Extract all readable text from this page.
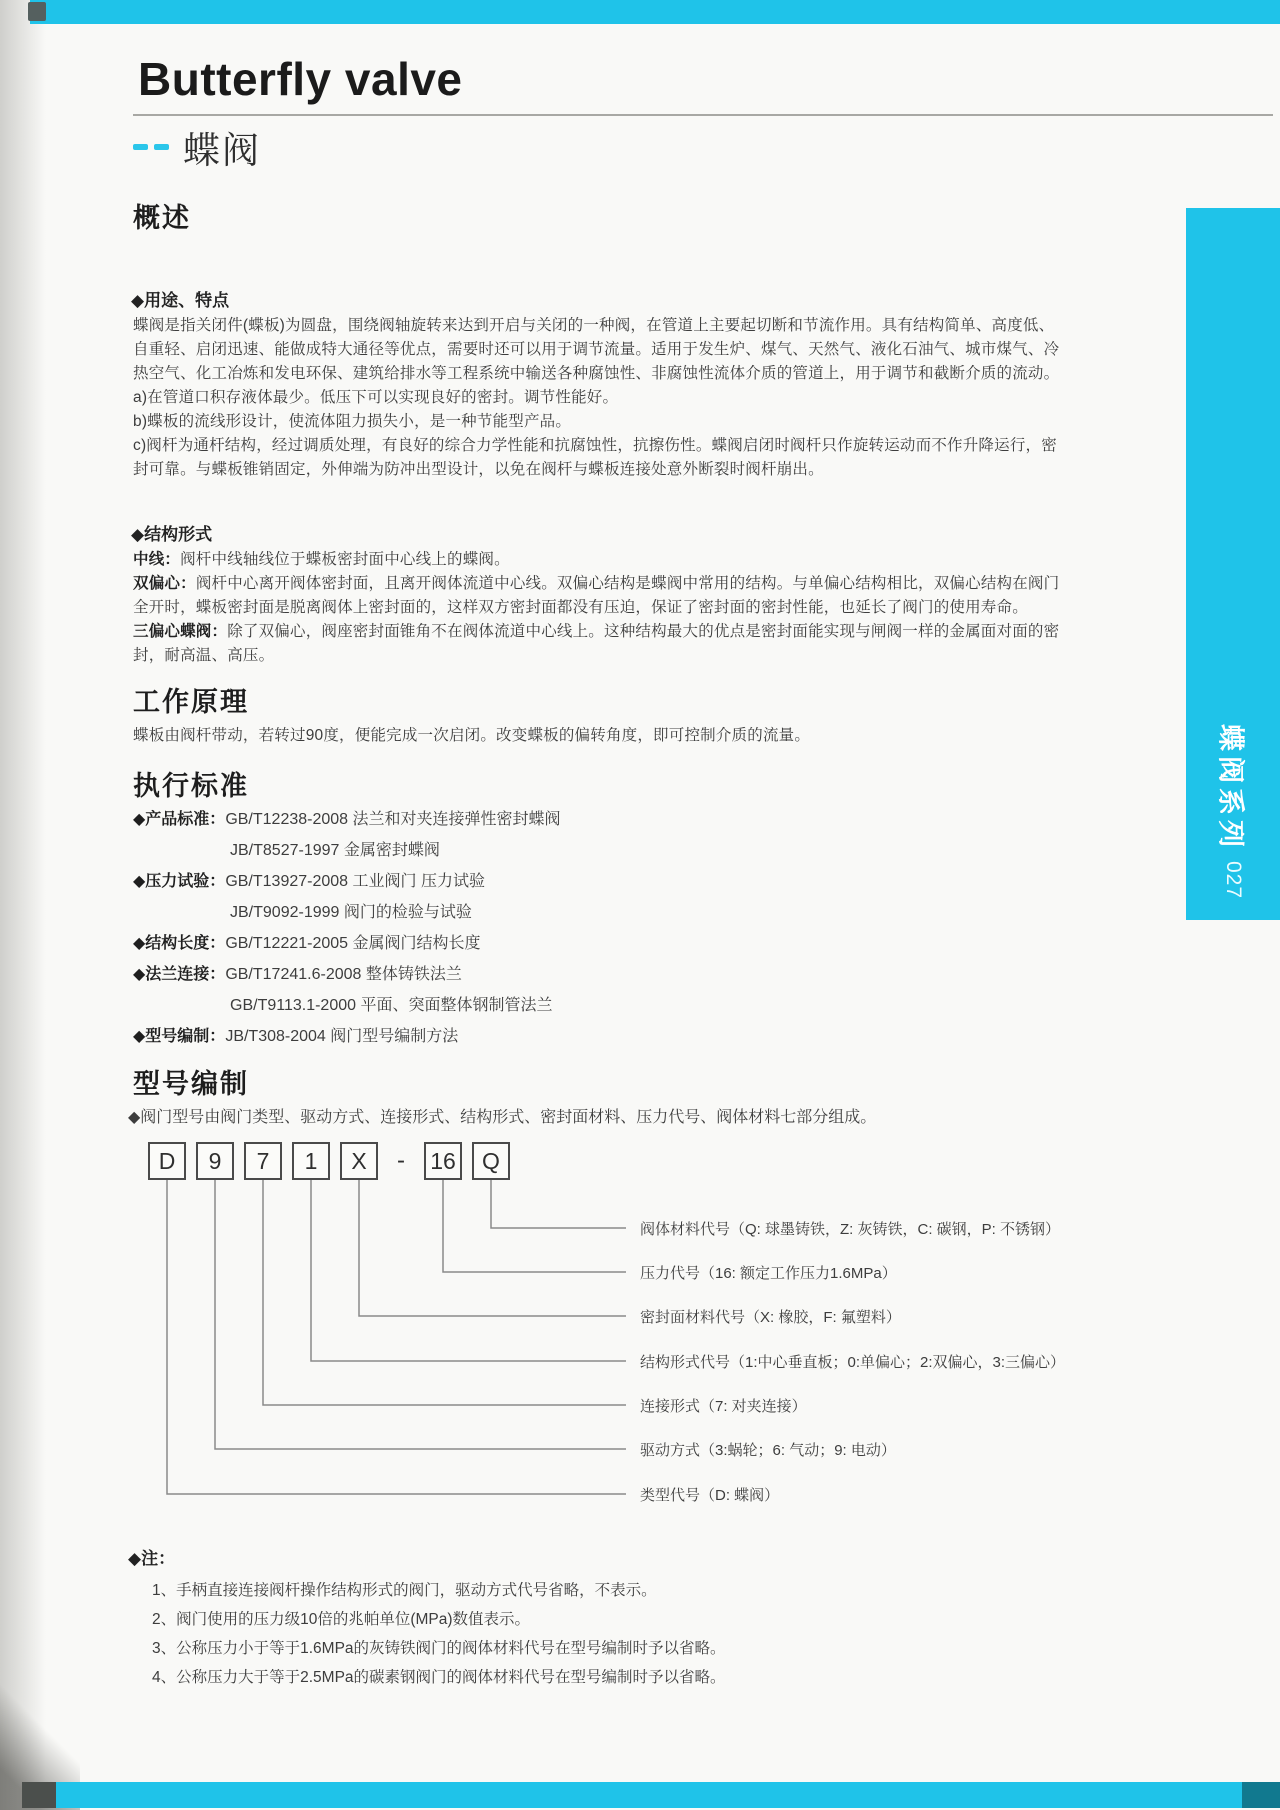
Butterfly valve
蝶阀
概述
◆用途、特点
蝶阀是指关闭件(蝶板)为圆盘，围绕阀轴旋转来达到开启与关闭的一种阀，在管道上主要起切断和节流作用。具有结构简单、高度低、
自重轻、启闭迅速、能做成特大通径等优点，需要时还可以用于调节流量。适用于发生炉、煤气、天然气、液化石油气、城市煤气、冷
热空气、化工冶炼和发电环保、建筑给排水等工程系统中输送各种腐蚀性、非腐蚀性流体介质的管道上，用于调节和截断介质的流动。
a)在管道口积存液体最少。低压下可以实现良好的密封。调节性能好。
b)蝶板的流线形设计，使流体阻力损失小，是一种节能型产品。
c)阀杆为通杆结构，经过调质处理，有良好的综合力学性能和抗腐蚀性，抗擦伤性。蝶阀启闭时阀杆只作旋转运动而不作升降运行，密
封可靠。与蝶板锥销固定，外伸端为防冲出型设计，以免在阀杆与蝶板连接处意外断裂时阀杆崩出。
◆结构形式
中线：阀杆中线轴线位于蝶板密封面中心线上的蝶阀。
双偏心：阀杆中心离开阀体密封面，且离开阀体流道中心线。双偏心结构是蝶阀中常用的结构。与单偏心结构相比，双偏心结构在阀门
全开时，蝶板密封面是脱离阀体上密封面的，这样双方密封面都没有压迫，保证了密封面的密封性能，也延长了阀门的使用寿命。
三偏心蝶阀：除了双偏心，阀座密封面锥角不在阀体流道中心线上。这种结构最大的优点是密封面能实现与闸阀一样的金属面对面的密
封，耐高温、高压。
工作原理
蝶板由阀杆带动，若转过90度，便能完成一次启闭。改变蝶板的偏转角度，即可控制介质的流量。
执行标准
◆产品标准：GB/T12238-2008 法兰和对夹连接弹性密封蝶阀
JB/T8527-1997 金属密封蝶阀
◆压力试验：GB/T13927-2008 工业阀门 压力试验
JB/T9092-1999 阀门的检验与试验
◆结构长度：GB/T12221-2005 金属阀门结构长度
◆法兰连接：GB/T17241.6-2008 整体铸铁法兰
GB/T9113.1-2000 平面、突面整体钢制管法兰
◆型号编制：JB/T308-2004 阀门型号编制方法
型号编制
◆阀门型号由阀门类型、驱动方式、连接形式、结构形式、密封面材料、压力代号、阀体材料七部分组成。
D	9	7	1	X	-	16	Q
阀体材料代号（Q: 球墨铸铁，Z: 灰铸铁，C: 碳钢，P: 不锈钢）
压力代号（16: 额定工作压力1.6MPa）
密封面材料代号（X: 橡胶，F: 氟塑料）
结构形式代号（1:中心垂直板；0:单偏心；2:双偏心，3:三偏心）
连接形式（7: 对夹连接）
驱动方式（3:蜗轮；6: 气动；9: 电动）
类型代号（D: 蝶阀）
◆注：
1、手柄直接连接阀杆操作结构形式的阀门，驱动方式代号省略，不表示。
2、阀门使用的压力级10倍的兆帕单位(MPa)数值表示。
3、公称压力小于等于1.6MPa的灰铸铁阀门的阀体材料代号在型号编制时予以省略。
4、公称压力大于等于2.5MPa的碳素钢阀门的阀体材料代号在型号编制时予以省略。
蝶阀系列
027
